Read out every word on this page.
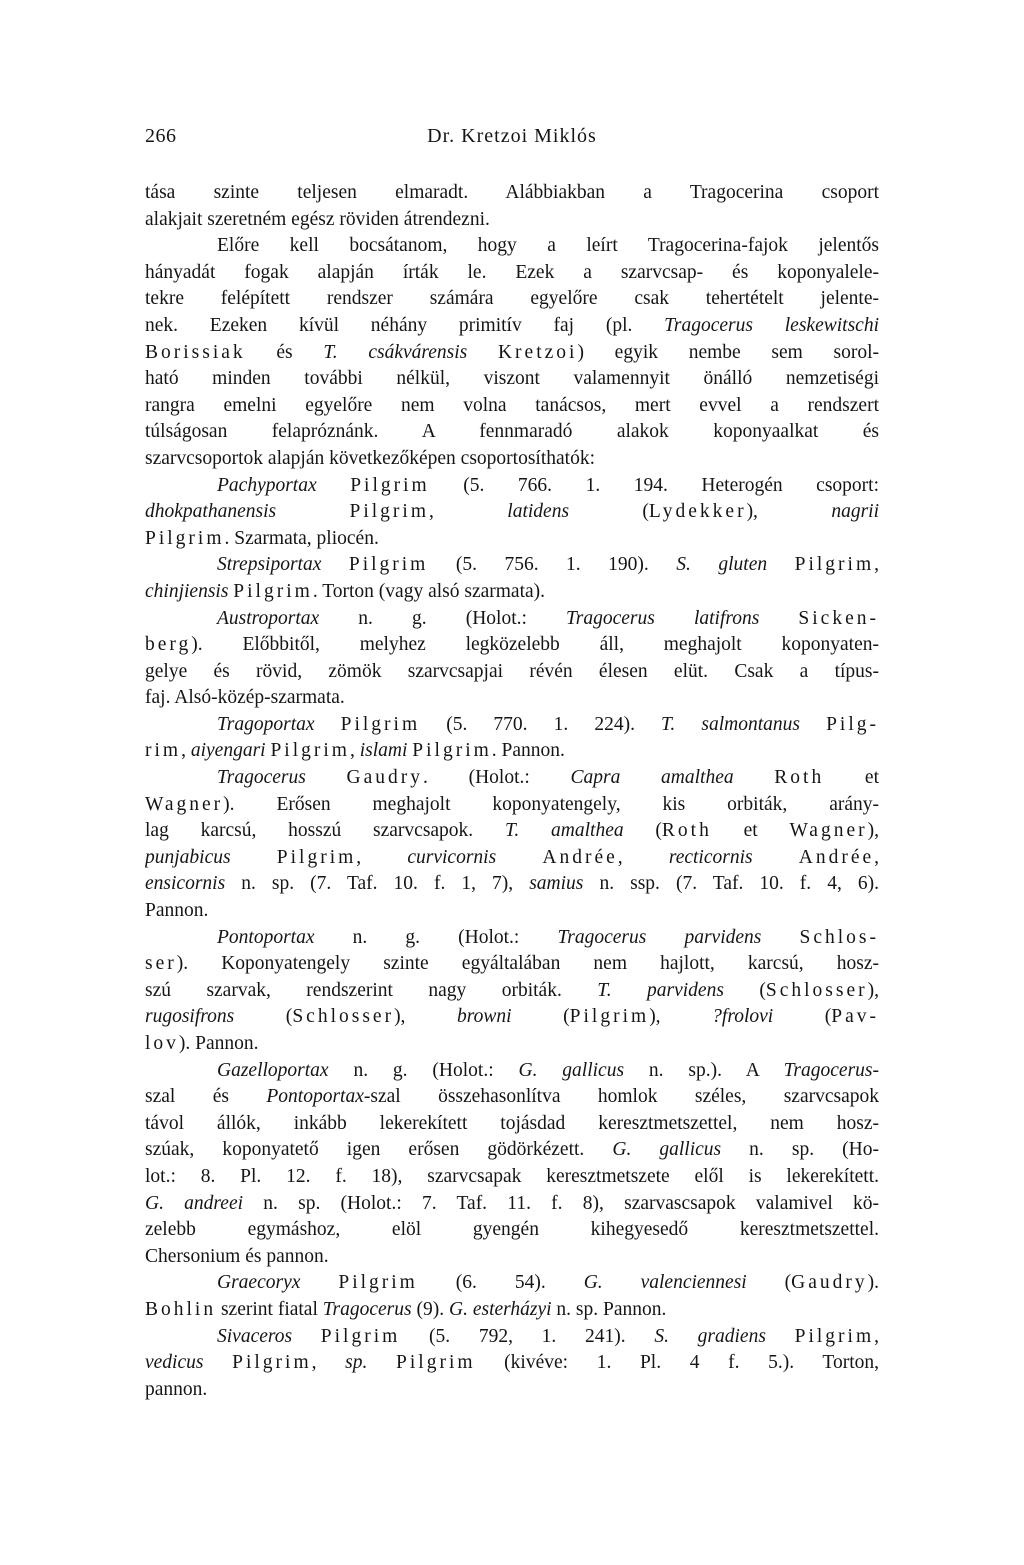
266	Dr. Kretzoi Miklós
tása szinte teljesen elmaradt. Alábbiakban a Tragocerina csoport
alakjait szeretném egész röviden átrendezni.
Előre kell bocsátanom, hogy a leírt Tragocerina-fajok jelentős
hányadát fogak alapján írták le. Ezek a szarvcsap- és koponyalele-
tekre felépített rendszer számára egyelőre csak tehertételt jelente-
nek. Ezeken kívül néhány primitív faj (pl. Tragocerus leskewitschi
Borissiak és T. csákvárensis Kretzoi) egyik nembe sem sorol-
ható minden további nélkül, viszont valamennyit önálló nemzetiségi
rangra emelni egyelőre nem volna tanácsos, mert evvel a rendszert
túlságosan felapróznánk. A fennmaradó alakok koponyaalkat és
szarvcsoportok alapján következőképen csoportosíthatók:
Pachyportax Pilgrim (5. 766. 1. 194. Heterogén csoport:
dhokpathanensis	Pilgrim, latidens (Lydekker), nagrii
Pilgrim. Szarmata, pliocén.
Strepsiportax Pilgrim (5. 756. 1. 190). S. gluten Pilgrim,
chinjiensis Pilgrim. Torton (vagy alsó szarmata).
Austroportax n. g. (Holot.: Tragocerus latifrons Sicken-
berg). Előbbitől, melyhez legközelebb áll, meghajolt koponyaten-
gelye és rövid, zömök szarvcsapjai révén élesen elüt. Csak a típus-
faj. Alsó-közép-szarmata.
Tragoportax Pilgrim (5. 770. 1. 224). T. salmontanus Pilg-
rim, aiyengari Pilgrim, islami Pilgrim. Pannon.
Tragocerus Gaudry. (Holot.: Capra amalthea Roth et
Wagner). Erősen meghajolt koponyatengely, kis orbiták, arány-
lag karcsú, hosszú szarvcsapok. T. amalthea (Roth et Wagner),
punjabicus Pilgrim, curvicornis Andrée, recticornis Andrée,
ensicornis n. sp. (7. Taf. 10. f. 1, 7), samius n. ssp. (7. Taf. 10. f. 4, 6).
Pannon.
Pontoportax n. g. (Holot.: Tragocerus parvidens Schlos-
ser). Koponyatengely szinte egyáltalában nem hajlott, karcsú, hosz-
szú szarvak, rendszerint nagy orbiták. T. parvidens (Schlosser),
rugosifrons (Schlosser), browni (Pilgrim), ?frolovi (Pav-
lov). Pannon.
Gazelloportax n. g. (Holot.: G. gallicus n. sp.). A Tragocerus-
szal és Pontoportax-szal összehasonlítva homlok széles, szarvcsapok
távol állók, inkább lekerekített tojásdad keresztmetszettel, nem hosz-
szúak, koponyatető igen erősen gödörkézett. G. gallicus n. sp. (Ho-
lot.: 8. Pl. 12. f. 18), szarvcsapak keresztmetszete elől is lekerekített.
G. andreei n. sp. (Holot.: 7. Taf. 11. f. 8), szarvascsapok valamivel kö-
zelebb egymáshoz, elöl gyengén kihegyesedő keresztmetszettel.
Chersonium és pannon.
Graecoryx Pilgrim (6. 54). G. valenciennesi (Gaudry).
Bohlin szerint fiatal Tragocerus (9). G. esterházyi n. sp. Pannon.
Sivaceros Pilgrim (5. 792, 1. 241). S. gradiens Pilgrim,
vedicus Pilgrim, sp. Pilgrim (kivéve: 1. Pl. 4 f. 5.). Torton,
pannon.
